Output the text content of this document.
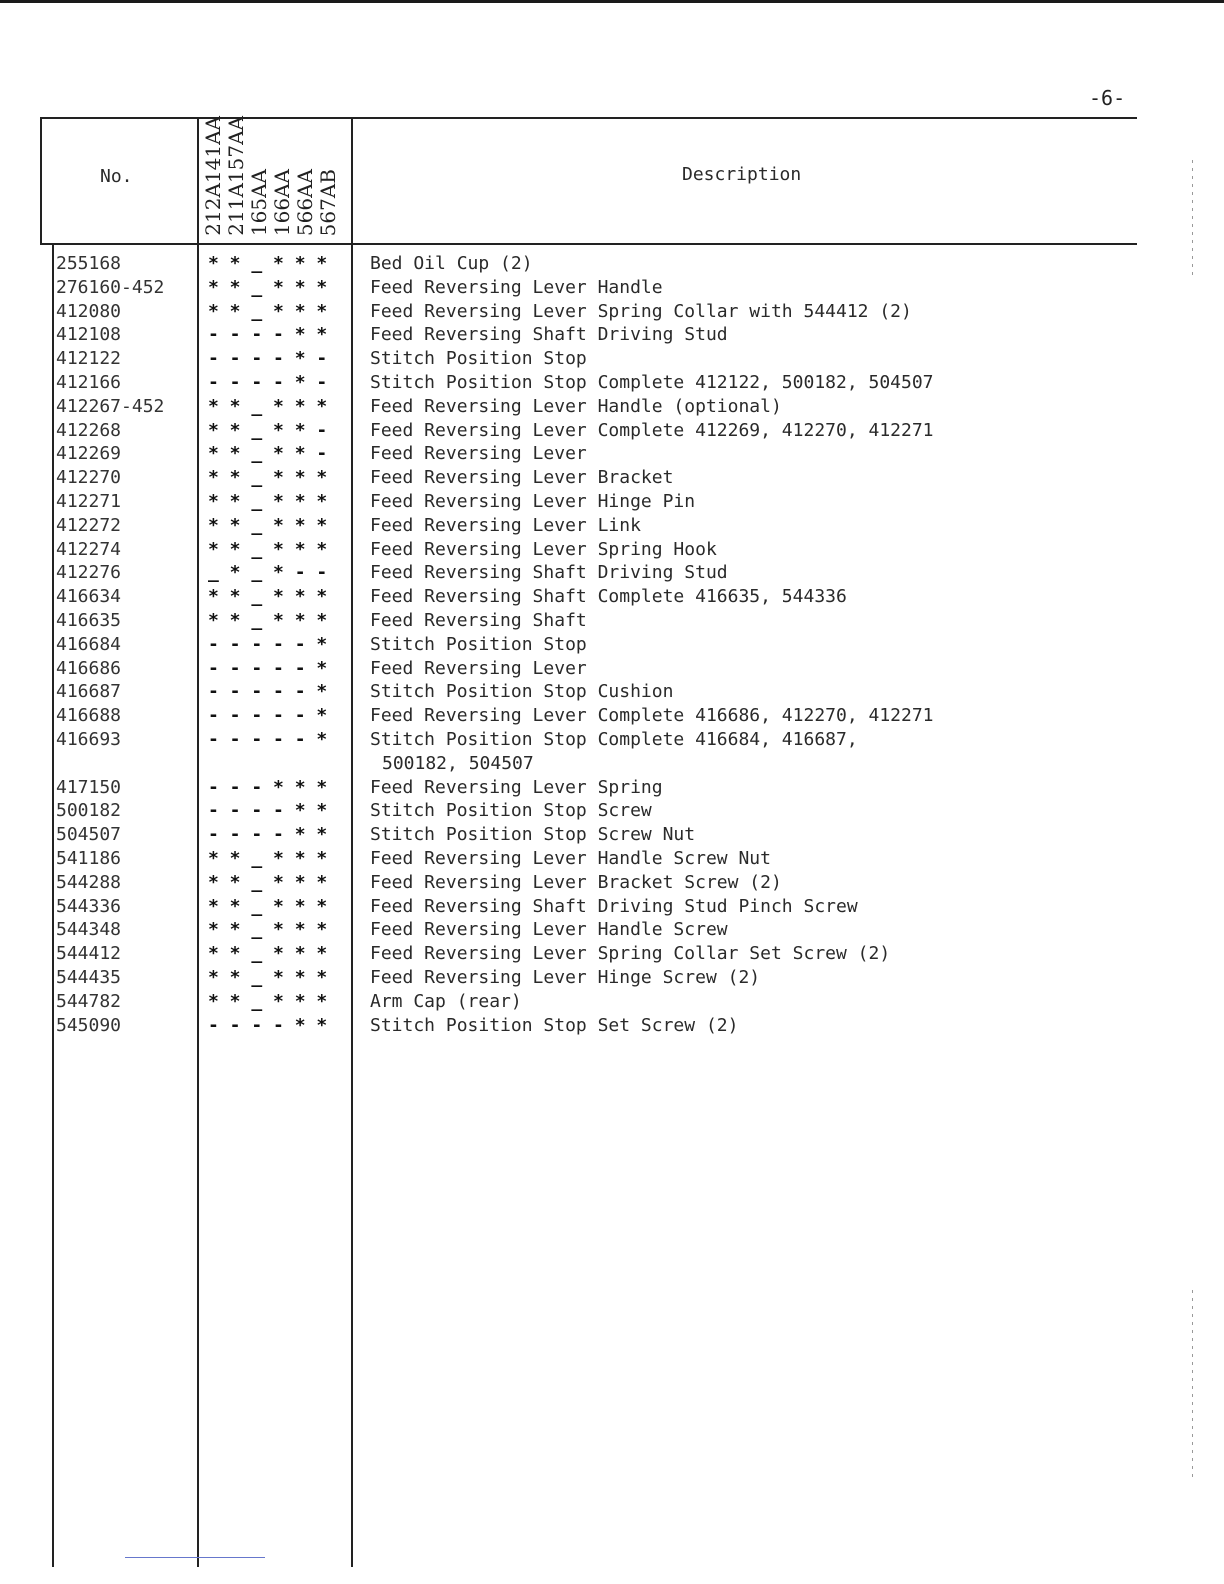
-6-
No.	Description
212A141AA 211A157AA 165AA 166AA 566AA 567AB
255168	* * _ * * * Bed Oil Cup (2)
276160-452 * * _ * * * Feed Reversing Lever Handle
412080	* * _ * * * Feed Reversing Lever Spring Collar with 544412 (2)
412108	- - - - * * Feed Reversing Shaft Driving Stud
412122	- - - - * - Stitch Position Stop
412166	- - - - * - Stitch Position Stop Complete 412122, 500182, 504507
412267-452 * * _ * * * Feed Reversing Lever Handle (optional)
412268	* * _ * * - Feed Reversing Lever Complete 412269, 412270, 412271
412269	* * _ * * - Feed Reversing Lever
412270	* * _ * * * Feed Reversing Lever Bracket
412271	* * _ * * * Feed Reversing Lever Hinge Pin
412272	* * _ * * * Feed Reversing Lever Link
412274	* * _ * * * Feed Reversing Lever Spring Hook
412276	_ * _ * - - Feed Reversing Shaft Driving Stud
416634	* * _ * * * Feed Reversing Shaft Complete 416635, 544336
416635	* * _ * * * Feed Reversing Shaft
416684	- - - - - * Stitch Position Stop
416686	- - - - - * Feed Reversing Lever
416687	- - - - - * Stitch Position Stop Cushion
416688	- - - - - * Feed Reversing Lever Complete 416686, 412270, 412271
416693	- - - - - * Stitch Position Stop Complete 416684, 416687,
500182, 504507
417150	- - - * * * Feed Reversing Lever Spring
500182	- - - - * * Stitch Position Stop Screw
504507	- - - - * * Stitch Position Stop Screw Nut
541186	* * _ * * * Feed Reversing Lever Handle Screw Nut
544288	* * _ * * * Feed Reversing Lever Bracket Screw (2)
544336	* * _ * * * Feed Reversing Shaft Driving Stud Pinch Screw
544348	* * _ * * * Feed Reversing Lever Handle Screw
544412	* * _ * * * Feed Reversing Lever Spring Collar Set Screw (2)
544435	* * _ * * * Feed Reversing Lever Hinge Screw (2)
544782	* * _ * * * Arm Cap (rear)
545090	- - - - * * Stitch Position Stop Set Screw (2)
